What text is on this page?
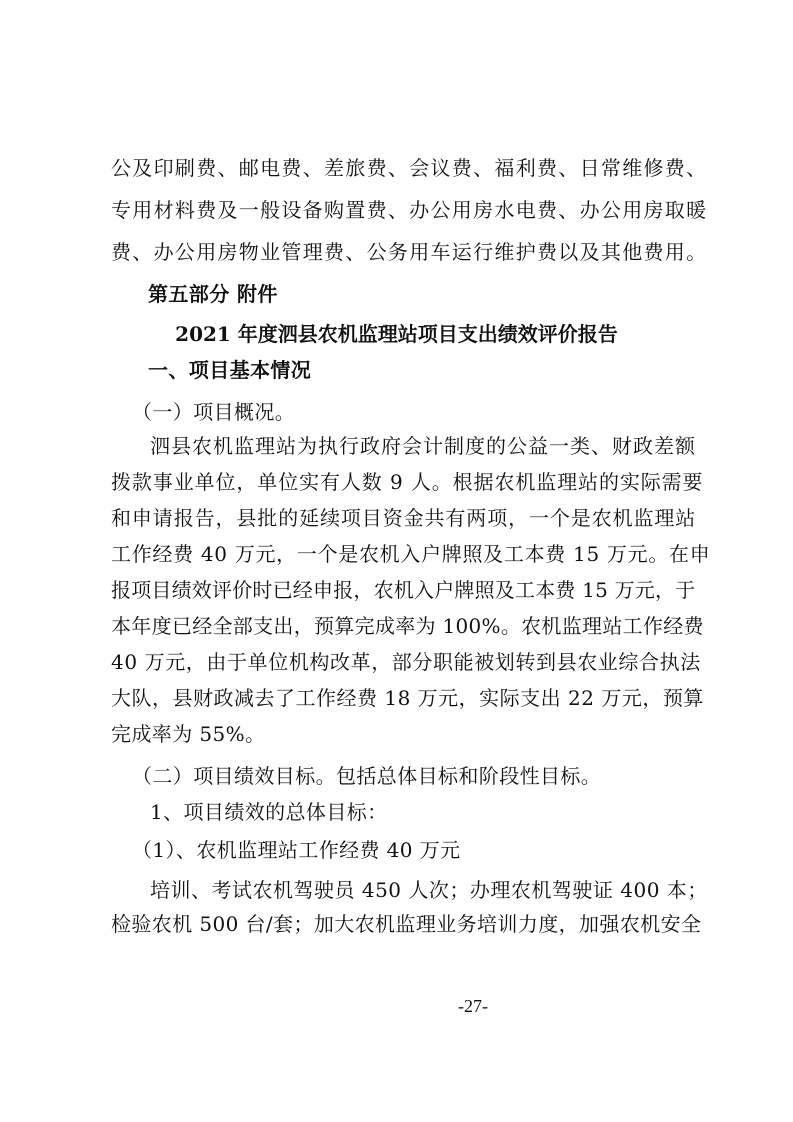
公及印刷费、邮电费、差旅费、会议费、福利费、日常维修费、
专用材料费及一般设备购置费、办公用房水电费、办公用房取暖
费、办公用房物业管理费、公务用车运行维护费以及其他费用。
第五部分 附件
2021 年度泗县农机监理站项目支出绩效评价报告
一、项目基本情况
（一）项目概况。
泗县农机监理站为执行政府会计制度的公益一类、财政差额
拨款事业单位，单位实有人数 9 人。根据农机监理站的实际需要
和申请报告，县批的延续项目资金共有两项，一个是农机监理站
工作经费 40 万元，一个是农机入户牌照及工本费 15 万元。在申
报项目绩效评价时已经申报，农机入户牌照及工本费 15 万元，于
本年度已经全部支出，预算完成率为 100%。农机监理站工作经费
40 万元，由于单位机构改革，部分职能被划转到县农业综合执法
大队，县财政减去了工作经费 18 万元，实际支出 22 万元，预算
完成率为 55%。
（二）项目绩效目标。包括总体目标和阶段性目标。
1、项目绩效的总体目标：
（1）、农机监理站工作经费 40 万元
培训、考试农机驾驶员 450 人次；办理农机驾驶证 400 本；
检验农机 500 台/套；加大农机监理业务培训力度，加强农机安全
-27-
